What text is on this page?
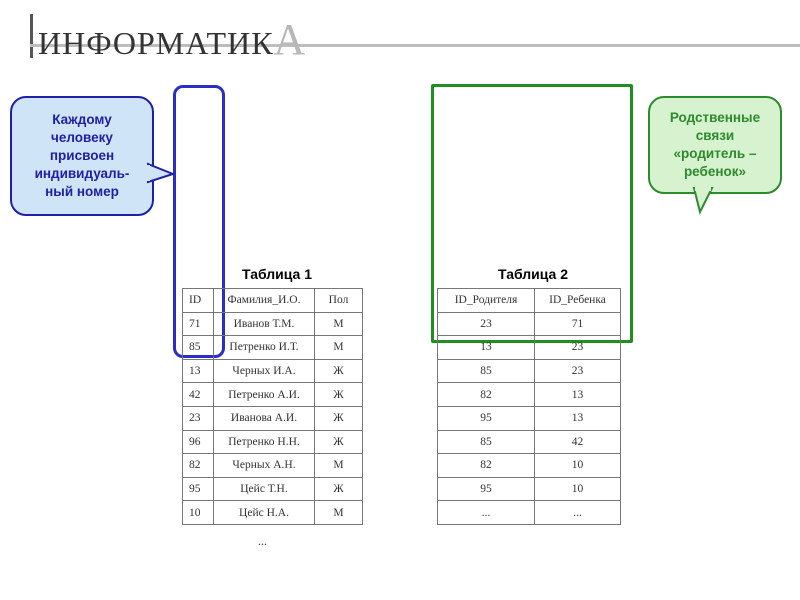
ИНФОРМАТИКА
Каждому
человеку
присвоен
индивидуаль-
ный номер
Родственные
связи
«родитель –
ребенок»
Таблица 1	Таблица 2
ID	Фамилия_И.О.	Пол
71	Иванов Т.М.	М
85	Петренко И.Т.	М
13	Черных И.А.	Ж
42	Петренко А.И.	Ж
23	Иванова А.И.	Ж
96	Петренко Н.Н.	Ж
82	Черных А.Н.	М
95	Цейс Т.Н.	Ж
10	Цейс Н.А.	М
...
ID_Родителя	ID_Ребенка
23	71
13	23
85	23
82	13
95	13
85	42
82	10
95	10
...	...
